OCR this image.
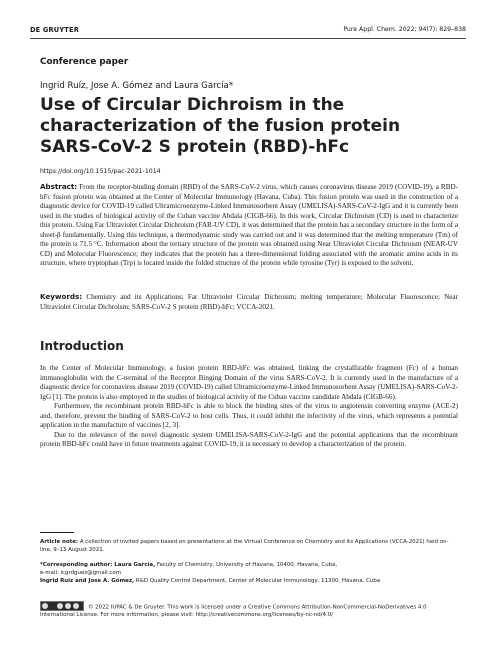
DE GRUYTER	Pure Appl. Chem. 2022; 94(7): 829–838
Conference paper
Ingrid Ruíz, Jose A. Gómez and Laura García*
Use of Circular Dichroism in the characterization of the fusion protein SARS-CoV-2 S protein (RBD)-hFc
https://doi.org/10.1515/pac-2021-1014
Abstract: From the receptor-binding domain (RBD) of the SARS-CoV-2 virus, which causes coronavirus disease 2019 (COVID-19), a RBD-hFc fusion protein was obtained at the Center of Molecular Immunology (Havana, Cuba). This fusion protein was used in the construction of a diagnostic device for COVID-19 called Ultramicroenzyme-Linked Immunosorbent Assay (UMELISA)-SARS-CoV-2-IgG and it is currently been used in the studies of biological activity of the Cuban vaccine Abdala (CIGB-66). In this work, Circular Dichroism (CD) is used to characterize this protein. Using Far Ultraviolet Circular Dichroism (FAR-UV CD), it was determined that the protein has a secondary structure in the form of a sheet-β fundamentally. Using this technique, a thermodynamic study was carried out and it was determined that the melting temperature (Tm) of the protein is 71.5 °C. Information about the tertiary structure of the protein was obtained using Near Ultraviolet Circular Dichroism (NEAR-UV CD) and Molecular Fluorescence; they indicates that the protein has a three-dimensional folding associated with the aromatic amino acids in its structure, where tryptophan (Trp) is located inside the folded structure of the protein while tyrosine (Tyr) is exposed to the solvent.
Keywords: Chemistry and its Applications; Far Ultraviolet Circular Dichroism; melting temperature; Molecular Fluorescence; Near Ultraviolet Circular Dichroism; SARS-CoV-2 S protein (RBD)-hFc; VCCA-2021.
Introduction

In the Center of Molecular Immunology, a fusion protein RBD-hFc was obtained, linking the crystallizable fragment (Fc) of a human immunoglobulin with the C-terminal of the Receptor Binging Domain of the virus SARS-CoV-2. It is currently used in the manufacture of a diagnostic device for coronavirus disease 2019 (COVID-19) called Ultramicroenzyme-Linked Immunosorbent Assay (UMELISA)-SARS-CoV-2-IgG [1]. The protein is also employed in the studies of biological activity of the Cuban vaccine candidate Abdala (CIGB-66).

Furthermore, the recombinant protein RBD-hFc is able to block the binding sites of the virus to angiotensin converting enzyme (ACE-2) and, therefore, prevent the binding of SARS-CoV-2 to host cells. Thus, it could inhibit the infectivity of the virus, which represents a potential application in the manufacture of vaccines [2, 3].

Due to the relevance of the novel diagnostic system UMELISA-SARS-CoV-2-IgG and the potential applications that the recombinant protein RBD-hFc could have in future treatments against COVID-19, it is necessary to develop a characterization of the protein.

Article note: A collection of invited papers based on presentations at the Virtual Conference on Chemistry and its Applications (VCCA-2021) held on-line, 9–13 August 2021.

*Corresponding author: Laura García, Faculty of Chemistry, University of Havana, 10400, Havana, Cuba,

e-mail: lcgrdguez@gmail.com

Ingrid Ruiz and Jose A. Gómez, R&D Quality Control Department, Center of Molecular Immunology, 11300, Havana, Cuba

© 2022 IUPAC & De Gruyter. This work is licensed under a Creative Commons Attribution-NonCommercial-NoDerivatives 4.0
International License. For more information, please visit: http://creativecommons.org/licenses/by-nc-nd/4.0/
